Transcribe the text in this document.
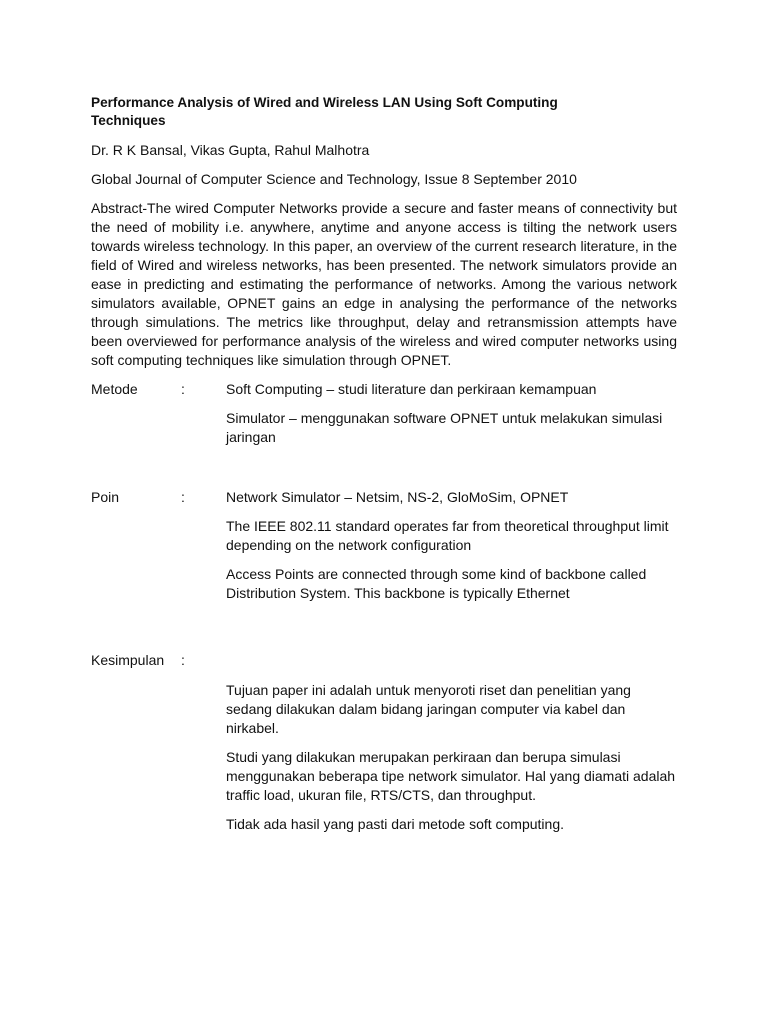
Performance Analysis of Wired and Wireless LAN Using Soft Computing
Techniques

Dr. R K Bansal, Vikas Gupta, Rahul Malhotra

Global Journal of Computer Science and Technology, Issue 8 September 2010

Abstract-The wired Computer Networks provide a secure and faster means of connectivity but the need of mobility i.e. anywhere, anytime and anyone access is tilting the network users towards wireless technology. In this paper, an overview of the current research literature, in the field of Wired and wireless networks, has been presented. The network simulators provide an ease in predicting and estimating the performance of networks. Among the various network simulators available, OPNET gains an edge in analysing the performance of the networks through simulations. The metrics like throughput, delay and retransmission attempts have been overviewed for performance analysis of the wireless and wired computer networks using soft computing techniques like simulation through OPNET.

Metode	:	Soft Computing – studi literature dan perkiraan kemampuan

Simulator – menggunakan software OPNET untuk melakukan simulasi jaringan

Poin	:	Network Simulator – Netsim, NS-2, GloMoSim, OPNET

The IEEE 802.11 standard operates far from theoretical throughput limit depending on the network configuration

Access Points are connected through some kind of backbone called Distribution System. This backbone is typically Ethernet

Kesimpulan :

Tujuan paper ini adalah untuk menyoroti riset dan penelitian yang sedang dilakukan dalam bidang jaringan computer via kabel dan nirkabel.

Studi yang dilakukan merupakan perkiraan dan berupa simulasi menggunakan beberapa tipe network simulator. Hal yang diamati adalah traffic load, ukuran file, RTS/CTS, dan throughput.

Tidak ada hasil yang pasti dari metode soft computing.
